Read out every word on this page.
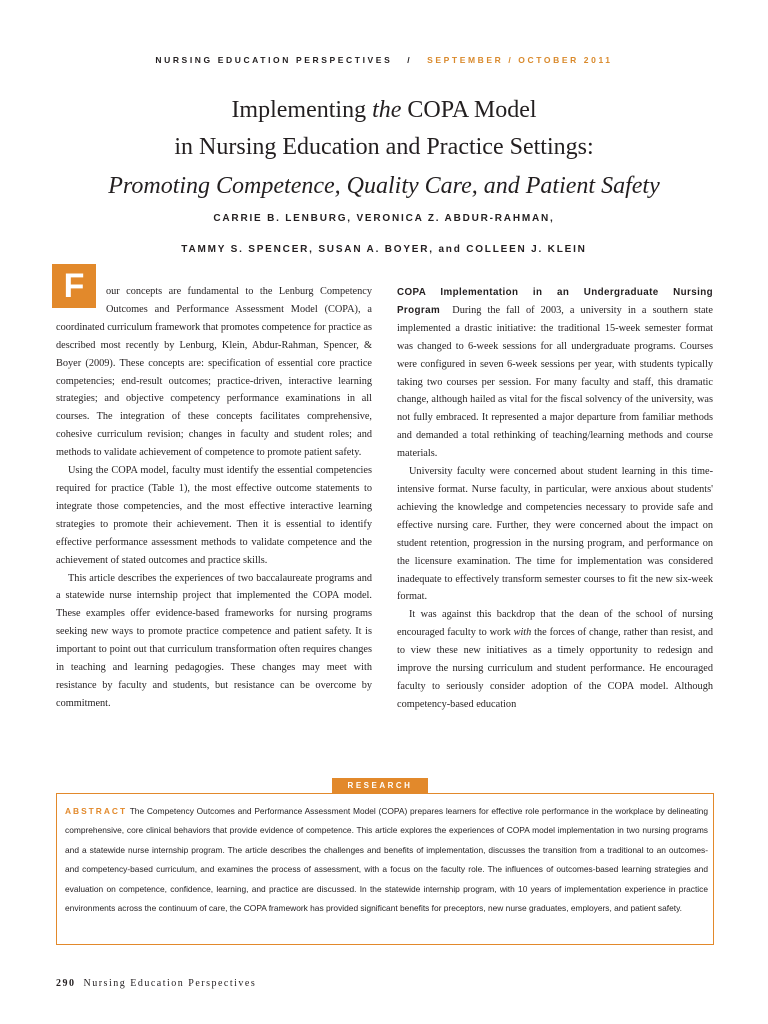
NURSING EDUCATION PERSPECTIVES / SEPTEMBER / OCTOBER 2011
Implementing the COPA Model
in Nursing Education and Practice Settings:
Promoting Competence, Quality Care, and Patient Safety
CARRIE B. LENBURG, VERONICA Z. ABDUR-RAHMAN,
TAMMY S. SPENCER, SUSAN A. BOYER, and COLLEEN J. KLEIN

F	our concepts are fundamental to the Lenburg Competency Outcomes and Performance Assessment Model (COPA), a coordinated curriculum framework that promotes competence for practice as described most recently by Lenburg, Klein, Abdur-Rahman, Spencer, & Boyer (2009). These concepts are: specification of essential core practice competencies; end-result outcomes; practice-driven, interactive learning strategies; and objective competency performance examinations in all courses. The integration of these concepts facilitates comprehensive, cohesive curriculum revision; changes in faculty and student roles; and methods to validate achievement of competence to promote patient safety.

Using the COPA model, faculty must identify the essential competencies required for practice (Table 1), the most effective outcome statements to integrate those competencies, and the most effective interactive learning strategies to promote their achievement. Then it is essential to identify effective performance assessment methods to validate competence and the achievement of stated outcomes and practice skills.

This article describes the experiences of two baccalaureate programs and a statewide nurse internship project that implemented the COPA model. These examples offer evidence-based frameworks for nursing programs seeking new ways to promote practice competence and patient safety. It is important to point out that curriculum transformation often requires changes in teaching and learning pedagogies. These changes may meet with resistance by faculty and students, but resistance can be overcome by commitment.

COPA Implementation in an Undergraduate Nursing Program During the fall of 2003, a university in a southern state implemented a drastic initiative: the traditional 15-week semester format was changed to 6-week sessions for all undergraduate programs. Courses were configured in seven 6-week sessions per year, with students typically taking two courses per session. For many faculty and staff, this dramatic change, although hailed as vital for the fiscal solvency of the university, was not fully embraced. It represented a major departure from familiar methods and demanded a total rethinking of teaching/learning methods and course materials.

University faculty were concerned about student learning in this time-intensive format. Nurse faculty, in particular, were anxious about students' achieving the knowledge and competencies necessary to provide safe and effective nursing care. Further, they were concerned about the impact on student retention, progression in the nursing program, and performance on the licensure examination. The time for implementation was considered inadequate to effectively transform semester courses to fit the new six-week format.

It was against this backdrop that the dean of the school of nursing encouraged faculty to work with the forces of change, rather than resist, and to view these new initiatives as a timely opportunity to redesign and improve the nursing curriculum and student performance. He encouraged faculty to seriously consider adoption of the COPA model. Although competency-based education

RESEARCH
ABSTRACT The Competency Outcomes and Performance Assessment Model (COPA) prepares learners for effective role performance in the workplace by delineating comprehensive, core clinical behaviors that provide evidence of competence. This article explores the experiences of COPA model implementation in two nursing programs and a statewide nurse internship program. The article describes the challenges and benefits of implementation, discusses the transition from a traditional to an outcomes- and competency-based curriculum, and examines the process of assessment, with a focus on the faculty role. The influences of outcomes-based learning strategies and evaluation on competence, confidence, learning, and practice are discussed. In the statewide internship program, with 10 years of implementation experience in practice environments across the continuum of care, the COPA framework has provided significant benefits for preceptors, new nurse graduates, employers, and patient safety.
290 Nursing Education Perspectives
